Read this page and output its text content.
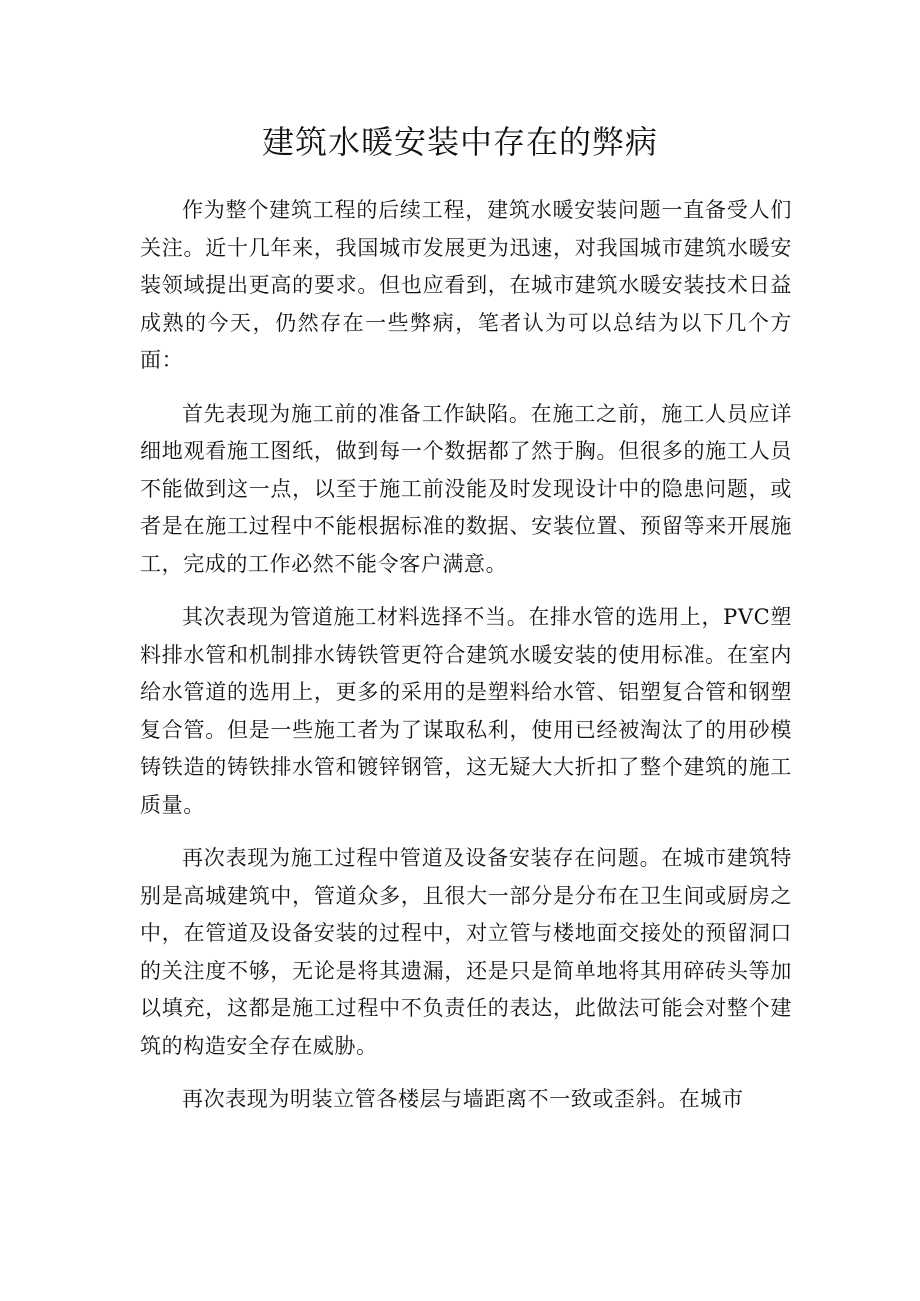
建筑水暖安装中存在的弊病

作为整个建筑工程的后续工程，建筑水暖安装问题一直备受人们关注。近十几年来，我国城市发展更为迅速，对我国城市建筑水暖安装领域提出更高的要求。但也应看到，在城市建筑水暖安装技术日益成熟的今天，仍然存在一些弊病，笔者认为可以总结为以下几个方面：

首先表现为施工前的准备工作缺陷。在施工之前，施工人员应详细地观看施工图纸，做到每一个数据都了然于胸。但很多的施工人员不能做到这一点，以至于施工前没能及时发现设计中的隐患问题，或者是在施工过程中不能根据标准的数据、安装位置、预留等来开展施工，完成的工作必然不能令客户满意。

其次表现为管道施工材料选择不当。在排水管的选用上，PVC塑料排水管和机制排水铸铁管更符合建筑水暖安装的使用标准。在室内给水管道的选用上，更多的采用的是塑料给水管、铝塑复合管和钢塑复合管。但是一些施工者为了谋取私利，使用已经被淘汰了的用砂模铸铁造的铸铁排水管和镀锌钢管，这无疑大大折扣了整个建筑的施工质量。

再次表现为施工过程中管道及设备安装存在问题。在城市建筑特别是高城建筑中，管道众多，且很大一部分是分布在卫生间或厨房之中，在管道及设备安装的过程中，对立管与楼地面交接处的预留洞口的关注度不够，无论是将其遗漏，还是只是简单地将其用碎砖头等加以填充，这都是施工过程中不负责任的表达，此做法可能会对整个建筑的构造安全存在威胁。

再次表现为明装立管各楼层与墙距离不一致或歪斜。在城市
